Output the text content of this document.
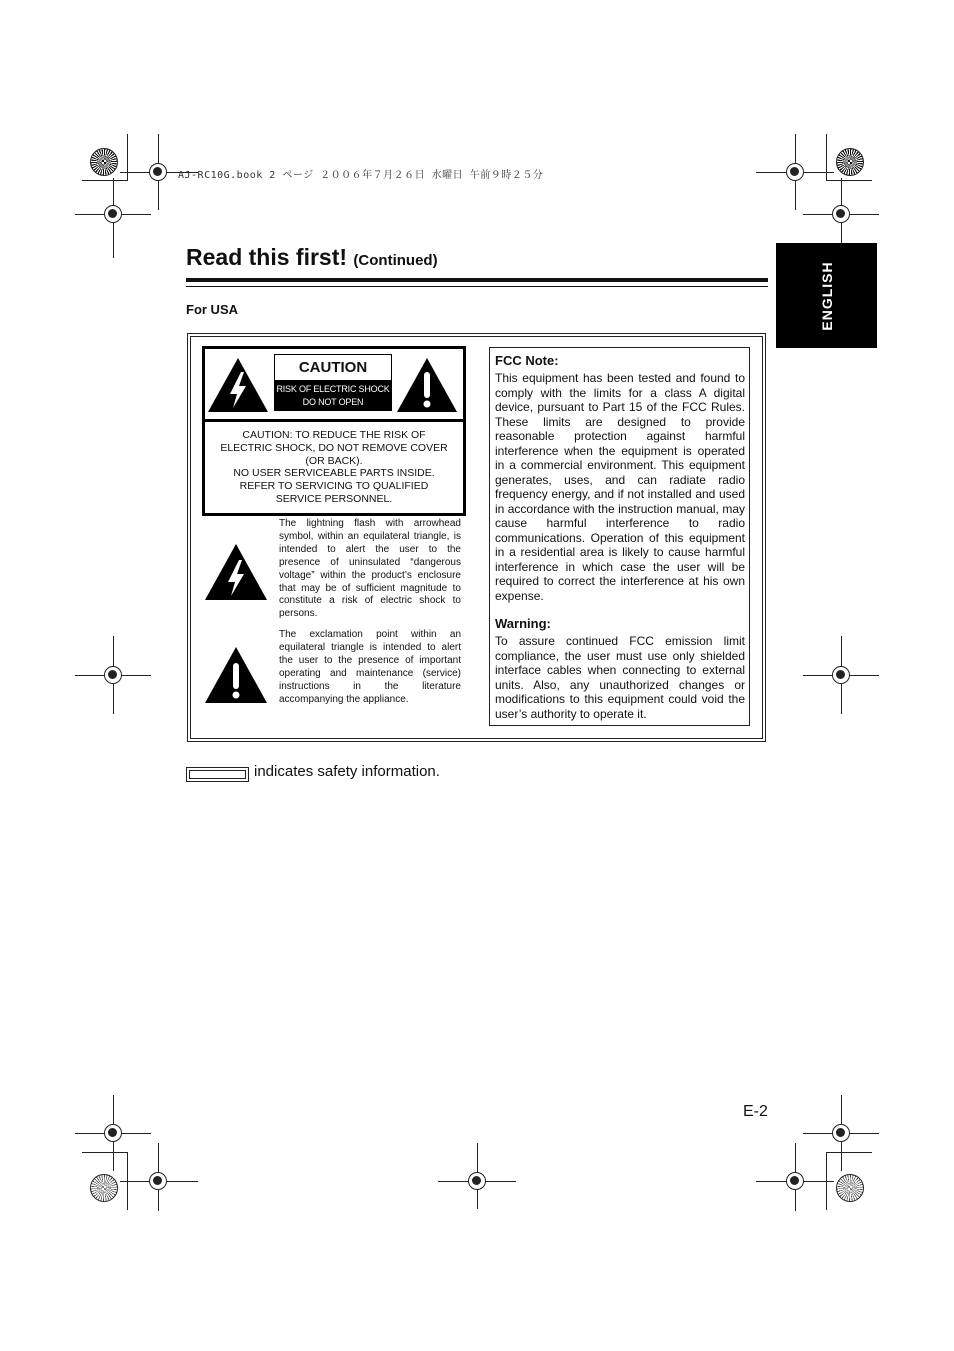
AJ-RC10G.book 2 ページ ２００６年７月２６日 水曜日 午前９時２５分
Read this first! (Continued)
ENGLISH
For USA
CAUTION
RISK OF ELECTRIC SHOCK
DO NOT OPEN
CAUTION: TO REDUCE THE RISK OF
ELECTRIC SHOCK, DO NOT REMOVE COVER
(OR BACK).
NO USER SERVICEABLE PARTS INSIDE.
REFER TO SERVICING TO QUALIFIED
SERVICE PERSONNEL.
The lightning flash with arrowhead symbol, within an equilateral triangle, is intended to alert the user to the presence of uninsulated “dangerous voltage” within the product’s enclosure that may be of sufficient magnitude to constitute a risk of electric shock to persons.
The exclamation point within an equilateral triangle is intended to alert the user to the presence of important operating and maintenance (service) instructions in the literature accompanying the appliance.
FCC Note:
This equipment has been tested and found to comply with the limits for a class A digital device, pursuant to Part 15 of the FCC Rules. These limits are designed to provide reasonable protection against harmful interference when the equipment is operated in a commercial environment. This equipment generates, uses, and can radiate radio frequency energy, and if not installed and used in accordance with the instruction manual, may cause harmful interference to radio communications. Operation of this equipment in a residential area is likely to cause harmful interference in which case the user will be required to correct the interference at his own expense.
Warning:
To assure continued FCC emission limit compliance, the user must use only shielded interface cables when connecting to external units. Also, any unauthorized changes or modifications to this equipment could void the user’s authority to operate it.
indicates safety information.
E-2
